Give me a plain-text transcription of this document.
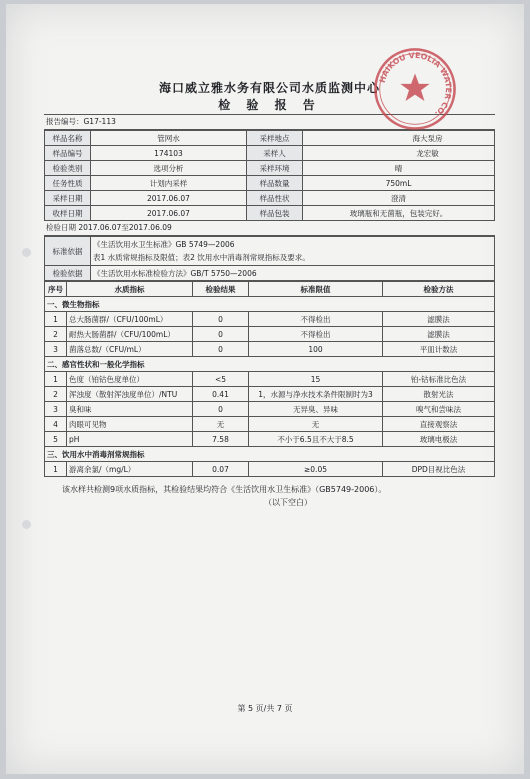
海口威立雅水务有限公司水质监测中心
检 验 报 告
报告编号：G17-113
样品名称	管网水	采样地点	海大泵房
样品编号	174103	采样人	龙宏敏
检验类别	选项分析	采样环境	晴
任务性质	计划内采样	样品数量	750mL
采样日期	2017.06.07	样品性状	澄清
收样日期	2017.06.07	样品包装	玻璃瓶和无菌瓶，包装完好。
检验日期 2017.06.07至2017.06.09
标准依据	《生活饮用水卫生标准》GB 5749—2006
表1 水质常规指标及限值；表2 饮用水中消毒剂常规指标及要求。

检验依据	《生活饮用水标准检验方法》GB/T 5750—2006
序号	水质指标	检验结果	标准限值	检验方法
一、微生物指标				
1	总大肠菌群/（CFU/100mL）	0	不得检出	滤膜法
2	耐热大肠菌群/（CFU/100mL）	0	不得检出	滤膜法
3	菌落总数/（CFU/mL）	0	100	平皿计数法
二、感官性状和一般化学指标				
1	色度（铂钴色度单位）	<5	15	铂-钴标准比色法
2	浑浊度（散射浑浊度单位）/NTU	0.41	1，水源与净水技术条件限制时为3	散射光法
3	臭和味	0	无异臭、异味	嗅气和尝味法
4	肉眼可见物	无	无	直接观察法
5	pH	7.58	不小于6.5且不大于8.5	玻璃电极法
三、饮用水中消毒剂常规指标				
1	游离余氯/（mg/L）	0.07	≥0.05	DPD目视比色法
该水样共检测9项水质指标，其检验结果均符合《生活饮用水卫生标准》（GB5749-2006）。
（以下空白）
HAIKOU VEOLIA WATER CO.
第 5 页/共 7 页
